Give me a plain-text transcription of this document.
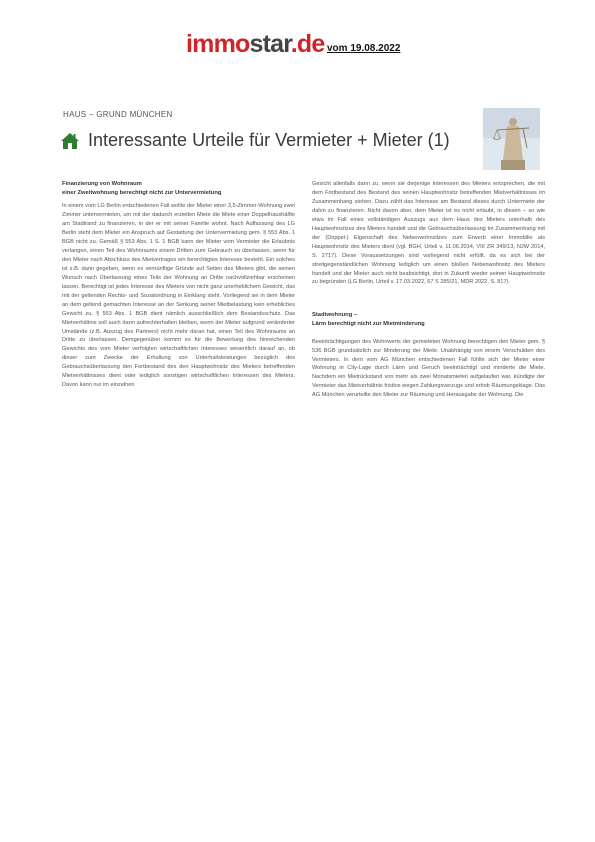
immostar.de vom 19.08.2022
HAUS – GRUND MÜNCHEN
Interessante Urteile für Vermieter + Mieter (1)
Finanzierung von Wohnraum
einer Zweitwohnung berechtigt nicht zur Untervermietung

In einem vom LG Berlin entschiedenen Fall wollte der Mieter einer 3,5-Zimmer-Wohnung zwei Zimmer untervermieten, um mit der dadurch erzielten Miete die Miete einer Doppelhaushälfte am Stadtrand zu finanzieren, in der er mit seiner Familie wohnt. Nach Auffassung des LG Berlin steht dem Mieter ein Anspruch auf Gestattung der Untervermietung gem. § 553 Abs. 1 BGB nicht zu. Gemäß § 553 Abs. 1 S. 1 BGB kann der Mieter vom Vermieter die Erlaubnis verlangen, einen Teil des Wohnraums einem Dritten zum Gebrauch zu überlassen, wenn für den Mieter nach Abschluss des Mietvertrages ein berechtigtes Interesse besteht. Ein solches ist z.B. dann gegeben, wenn es vernünftige Gründe auf Seiten des Mieters gibt, die seinen Wunsch nach Überlassung eines Teils der Wohnung an Dritte nachvollziehbar erscheinen lassen. Berechtigt ist jedes Interesse des Mieters von nicht ganz unerheblichem Gewicht, das mit der geltenden Rechts- und Sozialordnung in Einklang steht. Vorliegend sei in dem Mieter an dem geltend gemachten Interesse an der Senkung seiner Mietbelastung kein erhebliches Gewicht zu. § 553 Abs. 1 BGB dient nämlich ausschließlich dem Bestandsschutz. Das Mietverhältnis soll auch dann aufrechterhalten bleiben, wenn der Mieter aufgrund veränderter Umstände (z.B. Auszug des Partners) nicht mehr daran hat, einen Teil des Wohnraums an Dritte zu überlassen. Demgegenüber kommt es für die Bewertung des hinreichenden Gewichts des vom Mieter verfolgten wirtschaftlichen Interesses wesentlich darauf an, ob dieser zum Zwecke der Erhaltung von Unterhaltsleistungen bezüglich des Gebrauchsüberlassung den Fortbestand des den Hauptwohnsitz des Mieters betreffenden Mietverhältnisses dient oder lediglich sonstigen wirtschaftlichen Interessen des Mieters. Davon kann nur im einzelnen

Gesicht allenfalls dann zu, wenn sie derjenige Interessen des Mieters entsprechen, die mit dem Fortbestand des Bestand des seinen Hauptwohnsitz betreffenden Mietverhältnisses im Zusammenhang stehen. Dazu zählt das Interesse am Bestand dieses durch Untermiete der dahin zu finanzieren. Nicht davon aber, dem Mieter ist es nicht erlaubt, in diesen – so wie etwa im Fall eines vollständigen Auszugs aus dem Haus des Mieters unterhalb des Hauptwohnsitzes des Mieters handelt und die Gebrauchsüberlassung im Zusammenhang mit der (Doppel-) Eigenschaft des Nebenwohnsitzes zum Erwerb einer Immobilie als Hauptwohnsitz des Mieters dient (vgl. BGH, Urteil v. 11.06.2014, VIII ZR 349/13, NJW 2014, S. 2717). Diese Voraussetzungen sind vorliegend nicht erfüllt, da es sich bei der streitgegenständlichen Wohnung lediglich um einen bloßen Nebenwohnsitz des Mieters handelt und der Mieter auch nicht beabsichtigt, dort in Zukunft wieder seinen Hauptwohnsitz zu begründen (LG Berlin, Urteil v. 17.03.2022, 67 S 285/21, MDR 2022, S. 817).

Stadtwohnung –
Lärm berechtigt nicht zur Mietminderung

Beeinträchtigungen des Wohnwerts der gemieteten Wohnung berechtigen den Mieter gem. § 536 BGB grundsätzlich zur Minderung der Miete. Unabhängig von einem Verschulden des Vermieters. In dem vom AG München entschiedenen Fall fühlte sich der Mieter einer Wohnung in City-Lage durch Lärm und Geruch beeinträchtigt und minderte die Miete. Nachdem ein Mietrückstand von mehr als zwei Monatsmieten aufgelaufen war, kündigte der Vermieter das Mietverhältnis fristlos wegen Zahlungsverzugs und erhob Räumungsklage. Das AG München verurteilte den Mieter zur Räumung und Herausgabe der Wohnung. Die
